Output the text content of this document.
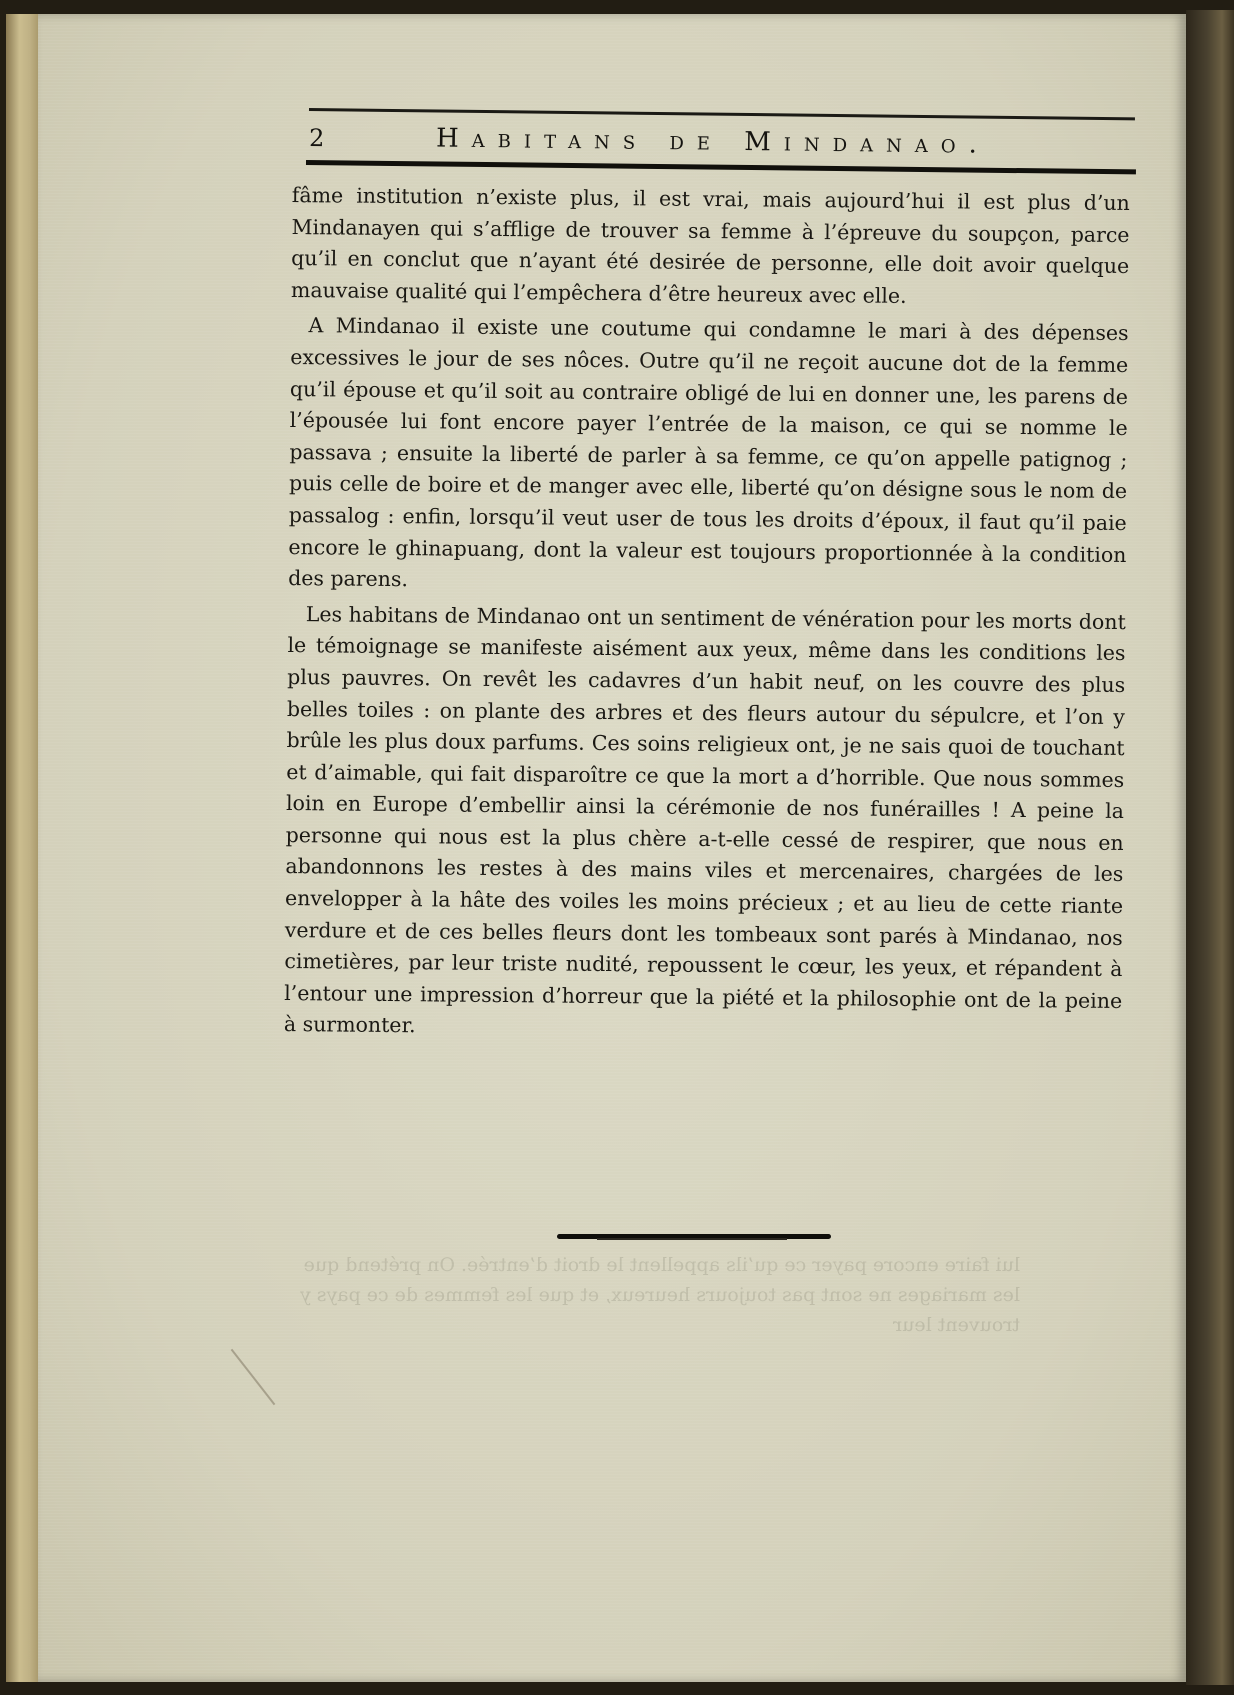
2	Habitans de Mindanao.

fâme institution n’existe plus, il est vrai, mais aujourd’hui il est plus d’un Mindanayen qui s’afflige de trouver sa femme à l’épreuve du soupçon, parce qu’il en conclut que n’ayant été desirée de personne, elle doit avoir quelque mauvaise qualité qui l’empêchera d’être heureux avec elle.

A Mindanao il existe une coutume qui condamne le mari à des dépenses excessives le jour de ses nôces. Outre qu’il ne reçoit aucune dot de la femme qu’il épouse et qu’il soit au contraire obligé de lui en donner une, les parens de l’épousée lui font encore payer l’entrée de la maison, ce qui se nomme le passava ; ensuite la liberté de parler à sa femme, ce qu’on appelle patignog ; puis celle de boire et de manger avec elle, liberté qu’on désigne sous le nom de passalog : enfin, lorsqu’il veut user de tous les droits d’époux, il faut qu’il paie encore le ghinapuang, dont la valeur est toujours proportionnée à la condition des parens.

Les habitans de Mindanao ont un sentiment de vénération pour les morts dont le témoignage se manifeste aisément aux yeux, même dans les conditions les plus pauvres. On revêt les cadavres d’un habit neuf, on les couvre des plus belles toiles : on plante des arbres et des fleurs autour du sépulcre, et l’on y brûle les plus doux parfums. Ces soins religieux ont, je ne sais quoi de touchant et d’aimable, qui fait disparoître ce que la mort a d’horrible. Que nous sommes loin en Europe d’embellir ainsi la cérémonie de nos funérailles ! A peine la personne qui nous est la plus chère a-t-elle cessé de respirer, que nous en abandonnons les restes à des mains viles et mercenaires, chargées de les envelopper à la hâte des voiles les moins précieux ; et au lieu de cette riante verdure et de ces belles fleurs dont les tombeaux sont parés à Mindanao, nos cimetières, par leur triste nudité, repoussent le cœur, les yeux, et répandent à l’entour une impression d’horreur que la piété et la philosophie ont de la peine à surmonter.
